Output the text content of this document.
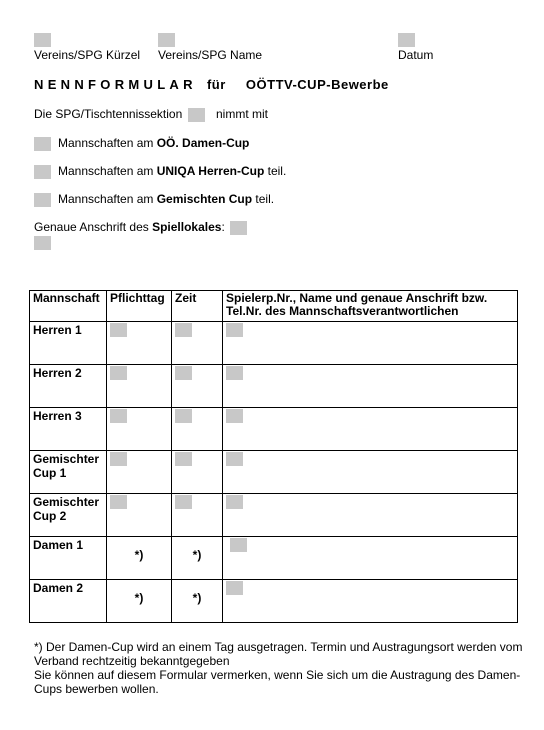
Vereins/SPG Kürzel Vereins/SPG Name	Datum
NENNFORMULAR für OÖTTV-CUP-Bewerbe
Die SPG/Tischtennissektion	nimmt mit
Mannschaften am OÖ. Damen-Cup
Mannschaften am UNIQA Herren-Cup teil.
Mannschaften am Gemischten Cup teil.
Genaue Anschrift des Spiellokales:
Mannschaft	Pflichttag	Zeit	Spielerp.Nr., Name und genaue Anschrift bzw. Tel.Nr. des Mannschaftsverantwortlichen
Herren 1	

Herren 2	

Herren 3	

Gemischter Cup 1	

Gemischter Cup 2	

Damen 1	*)	*)	

Damen 2	*)	*)	

*) Der Damen-Cup wird an einem Tag ausgetragen. Termin und Austragungsort werden vom Verband rechtzeitig bekanntgegeben
Sie können auf diesem Formular vermerken, wenn Sie sich um die Austragung des Damen-Cups bewerben wollen.
